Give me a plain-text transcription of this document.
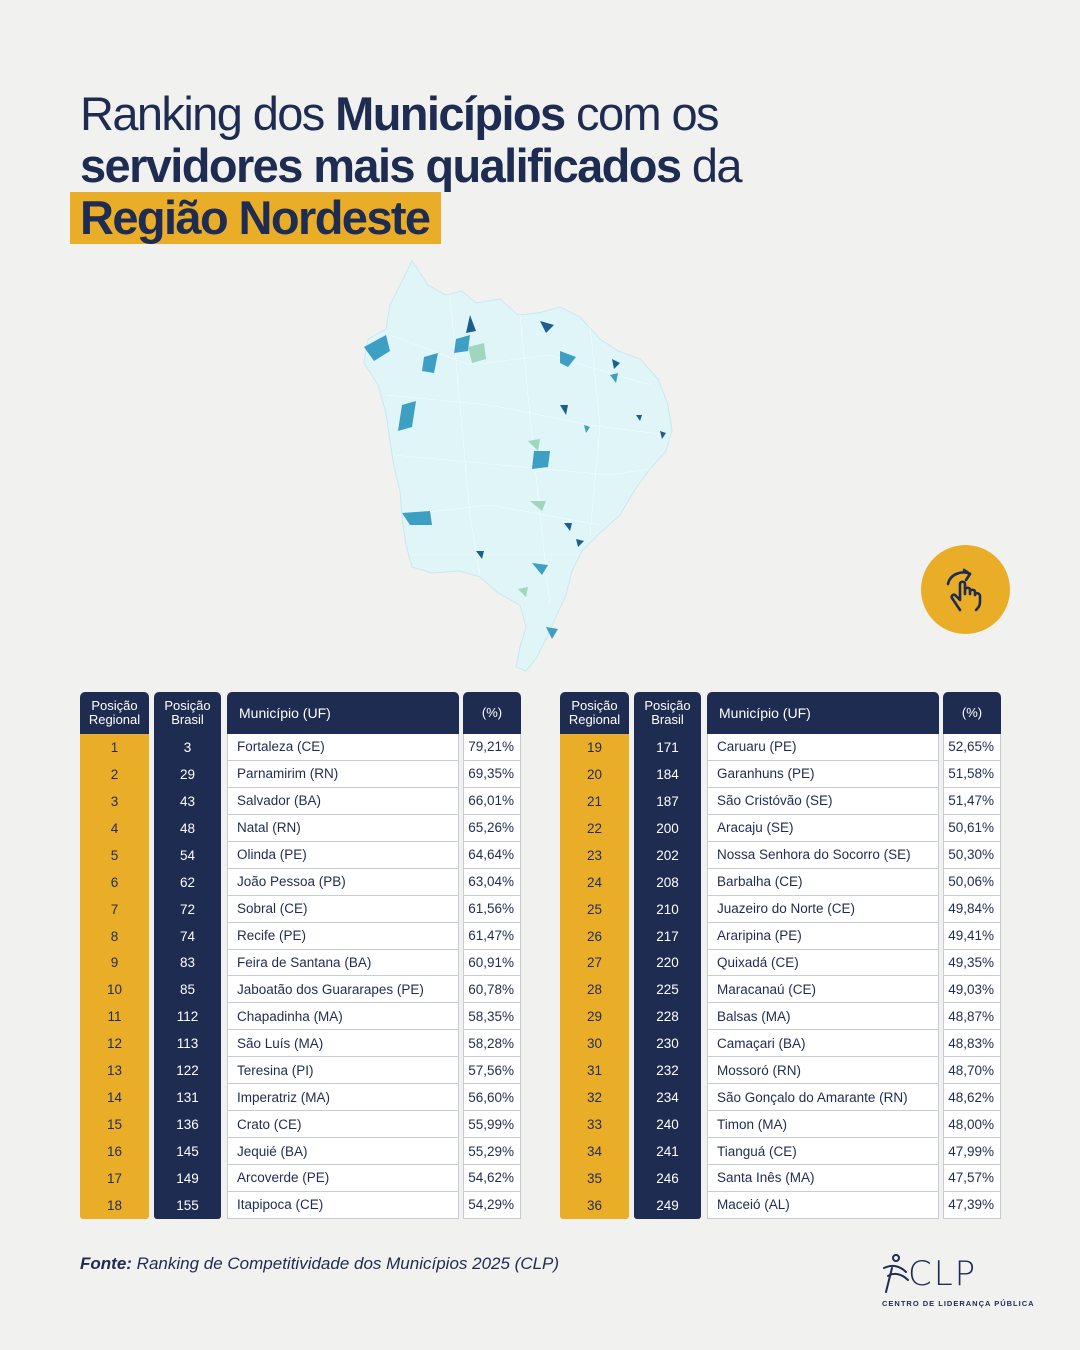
Ranking dos Municípios com os
servidores mais qualificados da
Região Nordeste
Posição Regional
1
2
3
4
5
6
7
8
9
10
11
12
13
14
15
16
17
18
Posição Brasil
3
29
43
48
54
62
72
74
83
85
112
113
122
131
136
145
149
155
Município (UF)
Fortaleza (CE)
Parnamirim (RN)
Salvador (BA)
Natal (RN)
Olinda (PE)
João Pessoa (PB)
Sobral (CE)
Recife (PE)
Feira de Santana (BA)
Jaboatão dos Guararapes (PE)
Chapadinha (MA)
São Luís (MA)
Teresina (PI)
Imperatriz (MA)
Crato (CE)
Jequié (BA)
Arcoverde (PE)
Itapipoca (CE)
(%)
79,21%
69,35%
66,01%
65,26%
64,64%
63,04%
61,56%
61,47%
60,91%
60,78%
58,35%
58,28%
57,56%
56,60%
55,99%
55,29%
54,62%
54,29%
Posição Regional
19
20
21
22
23
24
25
26
27
28
29
30
31
32
33
34
35
36
Posição Brasil
171
184
187
200
202
208
210
217
220
225
228
230
232
234
240
241
246
249
Município (UF)
Caruaru (PE)
Garanhuns (PE)
São Cristóvão (SE)
Aracaju (SE)
Nossa Senhora do Socorro (SE)
Barbalha (CE)
Juazeiro do Norte (CE)
Araripina (PE)
Quixadá (CE)
Maracanaú (CE)
Balsas (MA)
Camaçari (BA)
Mossoró (RN)
São Gonçalo do Amarante (RN)
Timon (MA)
Tianguá (CE)
Santa Inês (MA)
Maceió (AL)
(%)
52,65%
51,58%
51,47%
50,61%
50,30%
50,06%
49,84%
49,41%
49,35%
49,03%
48,87%
48,83%
48,70%
48,62%
48,00%
47,99%
47,57%
47,39%
Fonte: Ranking de Competitividade dos Municípios 2025 (CLP)	CLP
CENTRO DE LIDERANÇA PÚBLICA
